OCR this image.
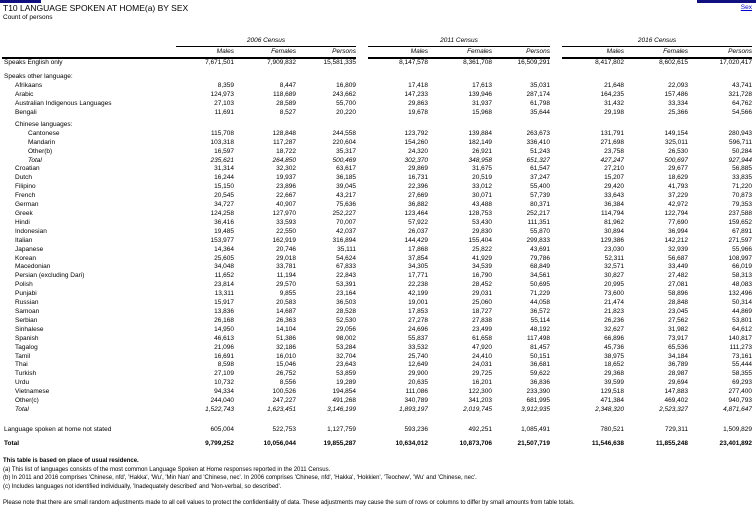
T10 LANGUAGE SPOKEN AT HOME(a) BY SEX
Count of persons
Sex
	2006 Census				2011 Census				2016 Census		
	Males	Females	Persons		Males	Females	Persons		Males	Females	Persons
Speaks English only	7,671,501	7,909,832	15,581,335		8,147,578	8,361,708	16,509,291		8,417,802	8,602,615	17,020,417

Speaks other language:											
Afrikaans	8,359	8,447	16,809		17,418	17,613	35,031		21,648	22,093	43,741
Arabic	124,973	118,689	243,662		147,233	139,946	287,174		164,235	157,486	321,728
Australian Indigenous Languages	27,103	28,589	55,700		29,863	31,937	61,798		31,432	33,334	64,762
Bengali	11,691	8,527	20,220		19,678	15,968	35,644		29,198	25,366	54,566

Chinese languages:											
Cantonese	115,708	128,848	244,558		123,792	139,884	263,673		131,791	149,154	280,943
Mandarin	103,318	117,287	220,604		154,260	182,149	336,410		271,698	325,011	596,711
Other(b)	16,597	18,722	35,317		24,320	26,921	51,243		23,758	26,530	50,284
Total	235,621	264,850	500,469		302,370	348,958	651,327		427,247	500,697	927,944
Croatian	31,314	32,302	63,617		29,869	31,675	61,547		27,210	29,677	56,885
Dutch	16,244	19,937	36,185		16,731	20,519	37,247		15,207	18,629	33,835
Filipino	15,150	23,896	39,045		22,396	33,012	55,400		29,420	41,793	71,220
French	20,545	22,667	43,217		27,669	30,071	57,739		33,643	37,229	70,873
German	34,727	40,907	75,636		36,882	43,488	80,371		36,384	42,972	79,353
Greek	124,258	127,970	252,227		123,464	128,753	252,217		114,794	122,794	237,588
Hindi	36,416	33,593	70,007		57,922	53,430	111,351		81,962	77,690	159,652
Indonesian	19,485	22,550	42,037		26,037	29,830	55,870		30,894	36,994	67,891
Italian	153,977	162,919	316,894		144,429	155,404	299,833		129,386	142,212	271,597
Japanese	14,364	20,746	35,111		17,868	25,822	43,691		23,030	32,939	55,966
Korean	25,605	29,018	54,624		37,854	41,929	79,786		52,311	56,687	108,997
Macedonian	34,048	33,781	67,833		34,305	34,539	68,849		32,571	33,449	66,019
Persian (excluding Dari)	11,652	11,194	22,843		17,771	16,790	34,561		30,827	27,482	58,313
Polish	23,814	29,570	53,391		22,238	28,452	50,695		20,995	27,081	48,083
Punjabi	13,311	9,855	23,164		42,199	29,031	71,229		73,600	58,896	132,496
Russian	15,917	20,583	36,503		19,001	25,060	44,058		21,474	28,848	50,314
Samoan	13,836	14,687	28,528		17,853	18,727	36,572		21,823	23,045	44,869
Serbian	26,168	26,363	52,530		27,278	27,838	55,114		26,236	27,562	53,801
Sinhalese	14,950	14,104	29,056		24,696	23,499	48,192		32,627	31,982	64,612
Spanish	46,613	51,386	98,002		55,837	61,658	117,498		66,896	73,917	140,817
Tagalog	21,096	32,186	53,284		33,532	47,920	81,457		45,736	65,536	111,273
Tamil	16,691	16,010	32,704		25,740	24,410	50,151		38,975	34,184	73,161
Thai	8,598	15,046	23,643		12,649	24,031	36,681		18,652	36,789	55,444
Turkish	27,109	26,752	53,859		29,900	29,725	59,622		29,368	28,987	58,355
Urdu	10,732	8,556	19,289		20,635	16,201	36,836		39,599	29,694	69,293
Vietnamese	94,334	100,526	194,854		111,086	122,300	233,390		129,518	147,883	277,400
Other(c)	244,040	247,227	491,268		340,789	341,203	681,995		471,384	469,402	940,793
Total	1,522,743	1,623,451	3,146,199		1,893,197	2,019,745	3,912,935		2,348,320	2,523,327	4,871,647

Language spoken at home not stated	605,004	522,753	1,127,759		593,236	492,251	1,085,491		780,521	729,311	1,509,829

Total	9,799,252	10,056,044	19,855,287		10,634,012	10,873,706	21,507,719		11,546,638	11,855,248	23,401,892
This table is based on place of usual residence.
(a) This list of languages consists of the most common Language Spoken at Home responses reported in the 2011 Census.
(b) In 2011 and 2016 comprises 'Chinese, nfd', 'Hakka', 'Wu', 'Min Nan' and 'Chinese, nec'. In 2006 comprises 'Chinese, nfd', 'Hakka', 'Hokkien', 'Teochew', 'Wu' and 'Chinese, nec'.
(c) Includes languages not identified individually, 'Inadequately described' and 'Non-verbal, so described'.
Please note that there are small random adjustments made to all cell values to protect the confidentiality of data. These adjustments may cause the sum of rows or columns to differ by small amounts from table totals.
